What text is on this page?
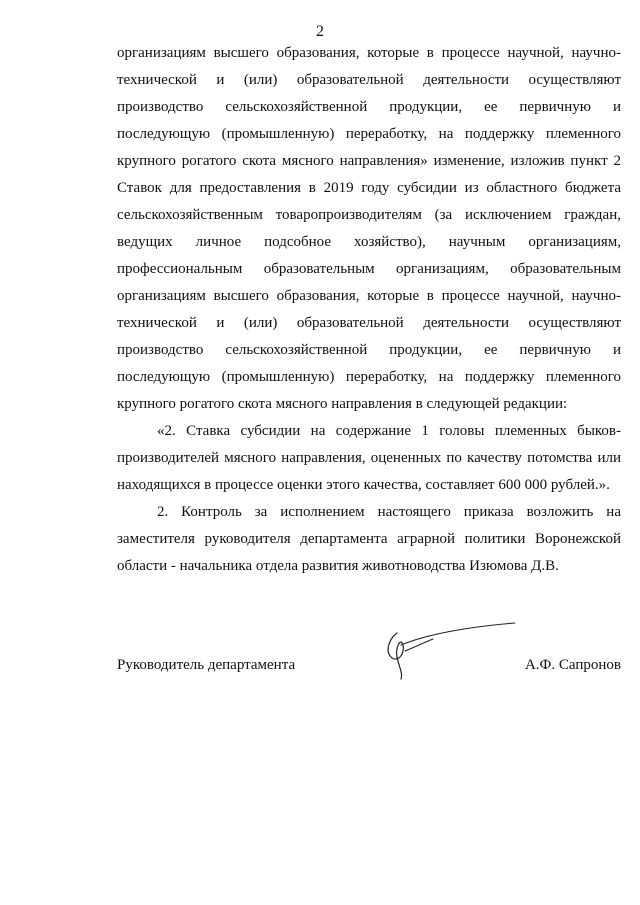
2

организациям высшего образования, которые в процессе научной, научно-технической и (или) образовательной деятельности осуществляют производство сельскохозяйственной продукции, ее первичную и последующую (промышленную) переработку, на поддержку племенного крупного рогатого скота мясного направления» изменение, изложив пункт 2 Ставок для предоставления в 2019 году субсидии из областного бюджета сельскохозяйственным товаропроизводителям (за исключением граждан, ведущих личное подсобное хозяйство), научным организациям, профессиональным образовательным организациям, образовательным организациям высшего образования, которые в процессе научной, научно-технической и (или) образовательной деятельности осуществляют производство сельскохозяйственной продукции, ее первичную и последующую (промышленную) переработку, на поддержку племенного крупного рогатого скота мясного направления в следующей редакции:

«2. Ставка субсидии на содержание 1 головы племенных быков-производителей мясного направления, оцененных по качеству потомства или находящихся в процессе оценки этого качества, составляет 600 000 рублей.».

2. Контроль за исполнением настоящего приказа возложить на заместителя руководителя департамента аграрной политики Воронежской области - начальника отдела развития животноводства Изюмова Д.В.

Руководитель департамента	А.Ф. Сапронов
